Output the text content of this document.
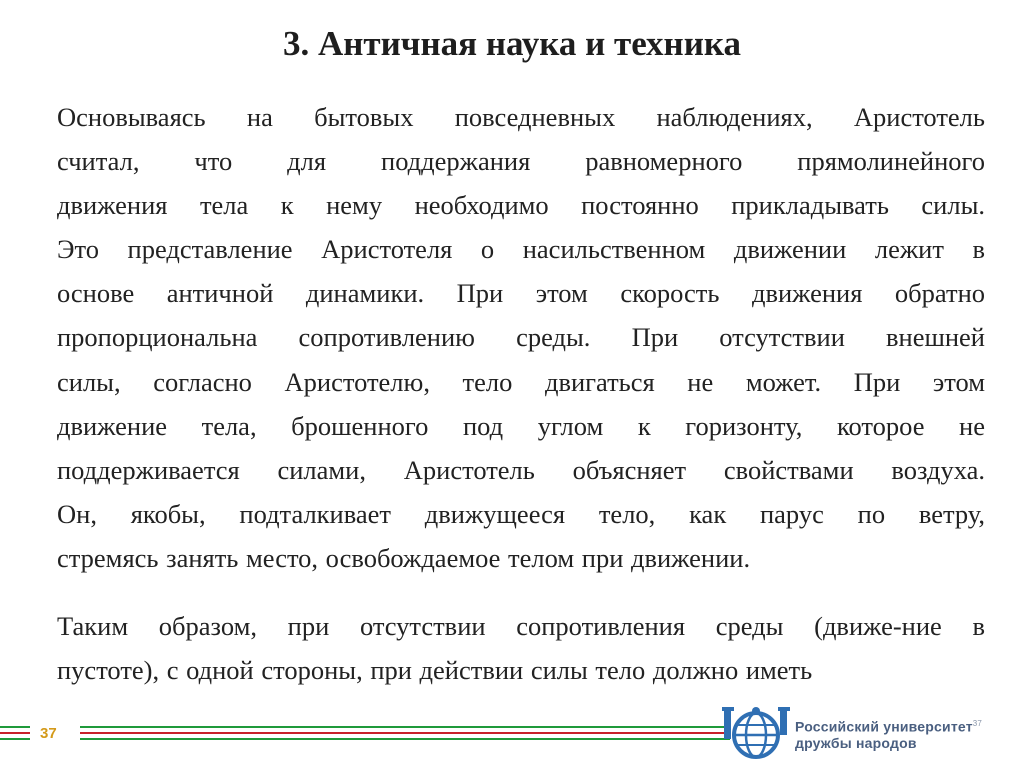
3. Античная наука и техника

Основываясь на бытовых повседневных наблюдениях, Аристотель
считал, что для поддержания равномерного прямолинейного
движения тела к нему необходимо постоянно прикладывать силы.
Это представление Аристотеля о насильственном движении лежит в
основе античной динамики. При этом скорость движения обратно
пропорциональна сопротивлению среды. При отсутствии внешней
силы, согласно Аристотелю, тело двигаться не может. При этом
движение тела, брошенного под углом к горизонту, которое не
поддерживается силами, Аристотель объясняет свойствами воздуха.
Он, якобы, подталкивает движущееся тело, как парус по ветру,
стремясь занять место, освобождаемое телом при движении.

Таким образом, при отсутствии сопротивления среды (движе-ние в
пустоте), с одной стороны, при действии силы тело должно иметь

37	Российский университет$^{37}$
дружбы народов
